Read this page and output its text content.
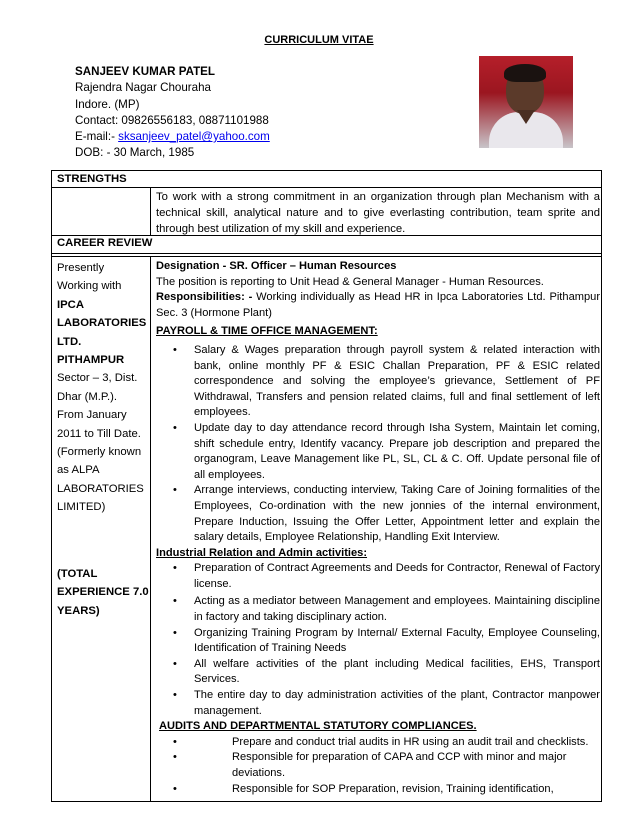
CURRICULUM VITAE
SANJEEV KUMAR PATEL
Rajendra Nagar Chouraha
Indore. (MP)
Contact: 09826556183, 08871101988
E-mail:- sksanjeev_patel@yahoo.com
DOB: - 30 March, 1985
STRENGTHS
To work with a strong commitment in an organization through plan Mechanism with a technical skill, analytical nature and to give everlasting contribution, team sprite and through best utilization of my skill and experience.
CAREER REVIEW
Presently
Working with
IPCA LABORATORIES LTD.
PITHAMPUR
Sector – 3, Dist. Dhar (M.P.).
From January 2011 to Till Date.
(Formerly known as ALPA LABORATORIES LIMITED)
(TOTAL EXPERIENCE 7.0 YEARS)

Designation - SR. Officer – Human Resources

The position is reporting to Unit Head & General Manager - Human Resources.

Responsibilities: - Working individually as Head HR in Ipca Laboratories Ltd. Pithampur Sec. 3 (Hormone Plant)

PAYROLL & TIME OFFICE MANAGEMENT:

• Salary & Wages preparation through payroll system & related interaction with bank, online monthly PF & ESIC Challan Preparation, PF & ESIC related correspondence and solving the employee’s grievance, Settlement of PF Withdrawal, Transfers and pension related claims, full and final settlement of left employees.
• Update day to day attendance record through Isha System, Maintain let coming, shift schedule entry, Identify vacancy. Prepare job description and prepared the organogram, Leave Management like PL, SL, CL & C. Off. Update personal file of all employees.
• Arrange interviews, conducting interview, Taking Care of Joining formalities of the Employees, Co-ordination with the new jonnies of the internal environment, Prepare Induction, Issuing the Offer Letter, Appointment letter and explain the salary details, Employee Relationship, Handling Exit Interview.

Industrial Relation and Admin activities:

• Preparation of Contract Agreements and Deeds for Contractor, Renewal of Factory license.
• Acting as a mediator between Management and employees. Maintaining discipline in factory and taking disciplinary action.
• Organizing Training Program by Internal/ External Faculty, Employee Counseling, Identification of Training Needs
• All welfare activities of the plant including Medical facilities, EHS, Transport Services.
• The entire day to day administration activities of the plant, Contractor manpower management.

AUDITS AND DEPARTMENTAL STATUTORY COMPLIANCES.

• Prepare and conduct trial audits in HR using an audit trail and checklists.
• Responsible for preparation of CAPA and CCP with minor and major deviations.
• Responsible for SOP Preparation, revision, Training identification,
